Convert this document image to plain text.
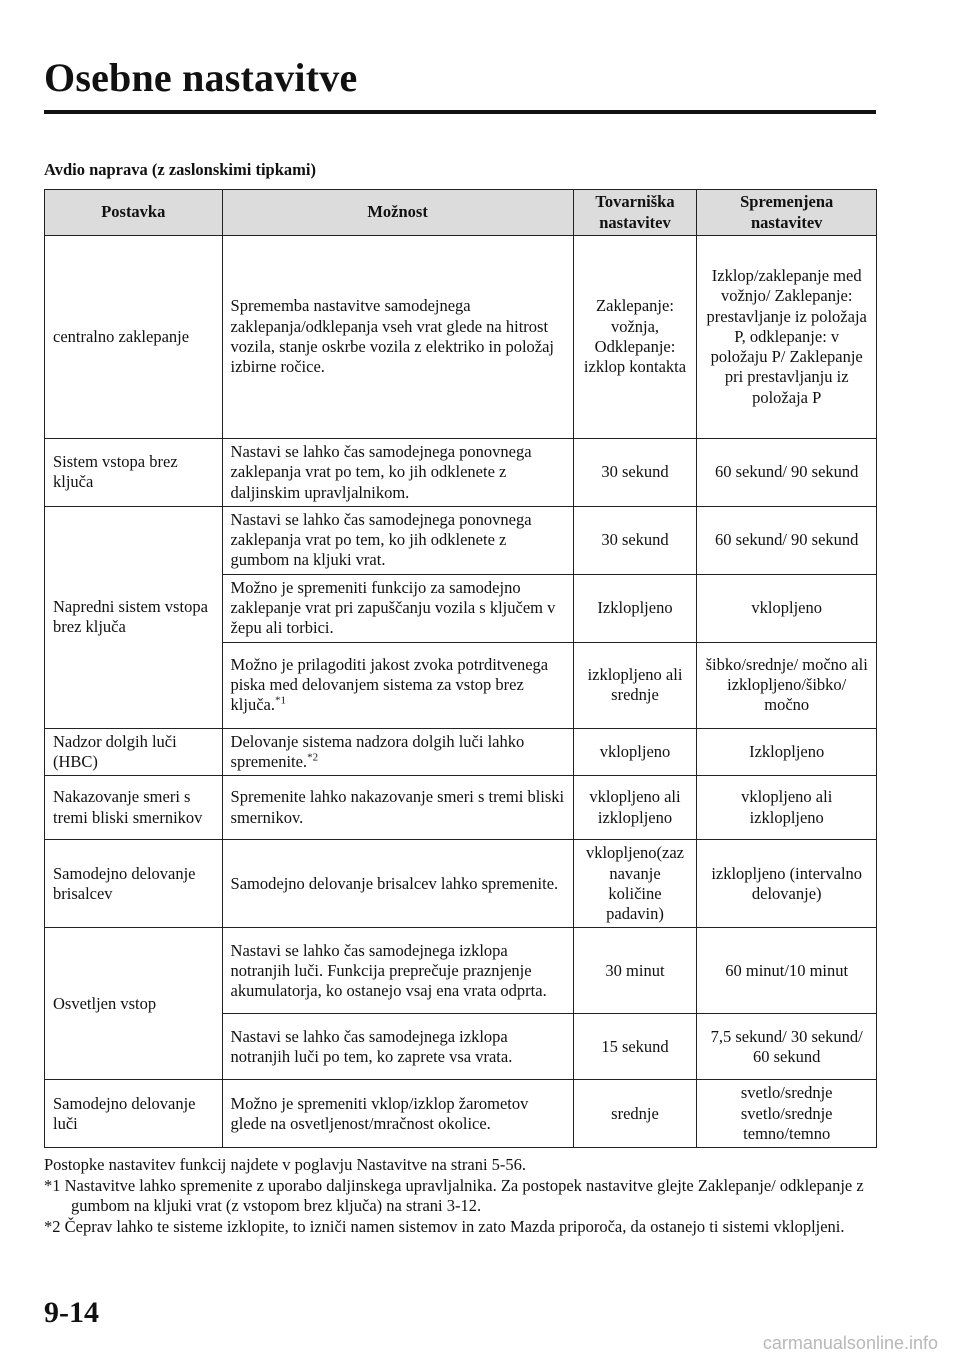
Osebne nastavitve
Avdio naprava (z zaslonskimi tipkami)
Postavka	Možnost	Tovarniška nastavitev	Spremenjena nastavitev
centralno zaklepanje	Sprememba nastavitve samodejnega zaklepanja/odklepanja vseh vrat glede na hitrost vozila, stanje oskrbe vozila z elektriko in položaj izbirne ročice.	Zaklepanje: vožnja, Odklepanje: izklop kontakta	Izklop/zaklepanje med vožnjo/ Zaklepanje: prestavljanje iz položaja P, odklepanje: v položaju P/ Zaklepanje pri prestavljanju iz položaja P
Sistem vstopa brez ključa	Nastavi se lahko čas samodejnega ponovnega zaklepanja vrat po tem, ko jih odklenete z daljinskim upravljalnikom.	30 sekund	60 sekund/ 90 sekund
Napredni sistem vstopa brez ključa	Nastavi se lahko čas samodejnega ponovnega zaklepanja vrat po tem, ko jih odklenete z gumbom na kljuki vrat.	30 sekund	60 sekund/ 90 sekund
	Možno je spremeniti funkcijo za samodejno zaklepanje vrat pri zapuščanju vozila s ključem v žepu ali torbici.	Izklopljeno	vklopljeno
	Možno je prilagoditi jakost zvoka potrditvenega piska med delovanjem sistema za vstop brez ključa.$^{*1}$	izklopljeno ali srednje	šibko/srednje/ močno ali izklopljeno/šibko/ močno
Nadzor dolgih luči (HBC)	Delovanje sistema nadzora dolgih luči lahko spremenite.$^{*2}$	vklopljeno	Izklopljeno
Nakazovanje smeri s tremi bliski smernikov	Spremenite lahko nakazovanje smeri s tremi bliski smernikov.	vklopljeno ali izklopljeno	vklopljeno ali izklopljeno
Samodejno delovanje brisalcev	Samodejno delovanje brisalcev lahko spremenite.	vklopljeno(zaz navanje količine padavin)	izklopljeno (intervalno delovanje)
Osvetljen vstop	Nastavi se lahko čas samodejnega izklopa notranjih luči. Funkcija preprečuje praznjenje akumulatorja, ko ostanejo vsaj ena vrata odprta.	30 minut	60 minut/10 minut
	Nastavi se lahko čas samodejnega izklopa notranjih luči po tem, ko zaprete vsa vrata.	15 sekund	7,5 sekund/ 30 sekund/ 60 sekund
Samodejno delovanje luči	Možno je spremeniti vklop/izklop žarometov glede na osvetljenost/mračnost okolice.	srednje	svetlo/srednje svetlo/srednje temno/temno

Postopke nastavitev funkcij najdete v poglavju Nastavitve na strani 5-56.

*1 Nastavitve lahko spremenite z uporabo daljinskega upravljalnika. Za postopek nastavitve glejte Zaklepanje/ odklepanje z gumbom na kljuki vrat (z vstopom brez ključa) na strani 3-12.

*2 Čeprav lahko te sisteme izklopite, to izniči namen sistemov in zato Mazda priporoča, da ostanejo ti sistemi vklopljeni.

9-14
carmanualsonline.info
